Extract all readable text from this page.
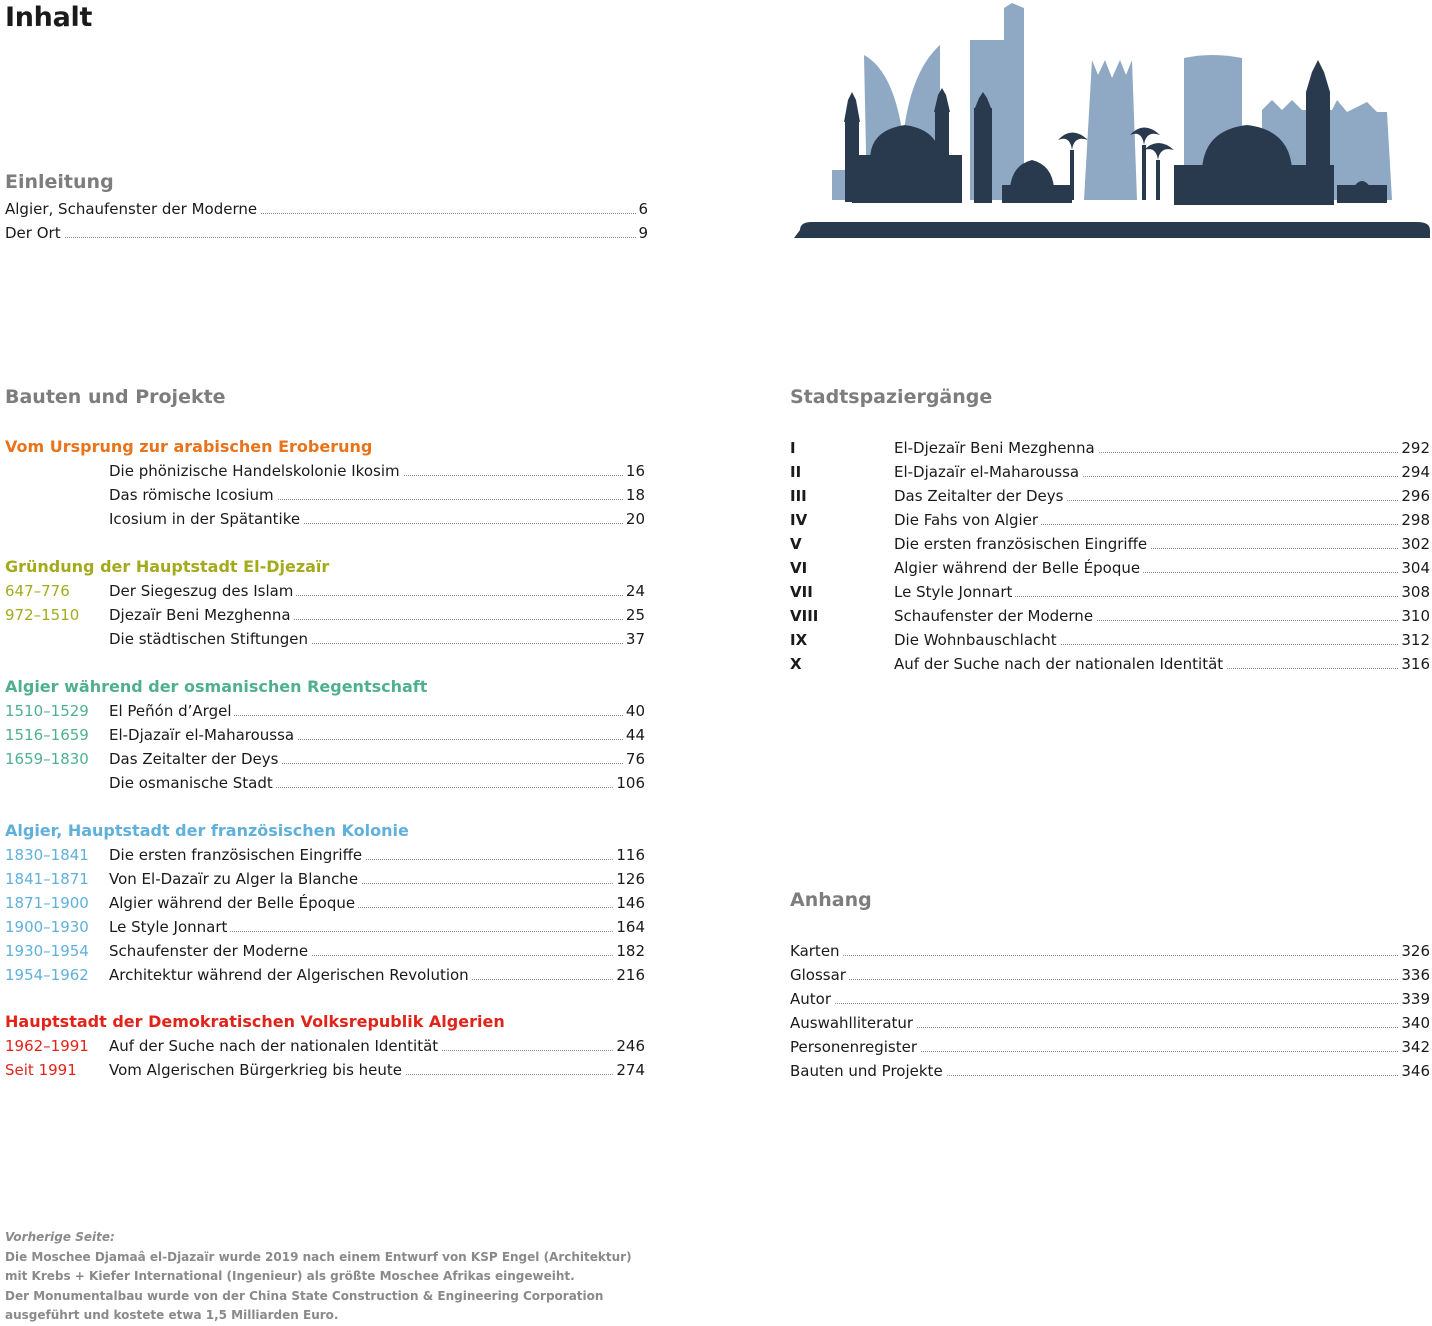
Inhalt
Einleitung
Algier, Schaufenster der Moderne	6
Der Ort	9
Bauten und Projekte
Vom Ursprung zur arabischen Eroberung
Die phönizische Handelskolonie Ikosim	16
Das römische Icosium	18
Icosium in der Spätantike	20
Gründung der Hauptstadt El-Djezaïr
647–776	Der Siegeszug des Islam	24
972–1510 Djezaïr Beni Mezghenna	25
Die städtischen Stiftungen	37
Algier während der osmanischen Regentschaft
1510–1529 El Peñón d’Argel	40
1516–1659 El-Djazaïr el-Maharoussa	44
1659–1830 Das Zeitalter der Deys	76
Die osmanische Stadt	106
Algier, Hauptstadt der französischen Kolonie
1830–1841 Die ersten französischen Eingriffe	116
1841–1871 Von El-Dazaïr zu Alger la Blanche	126
1871–1900 Algier während der Belle Époque	146
1900–1930 Le Style Jonnart	164
1930–1954 Schaufenster der Moderne	182
1954–1962 Architektur während der Algerischen Revolution	216
Hauptstadt der Demokratischen Volksrepublik Algerien
1962–1991 Auf der Suche nach der nationalen Identität	246
Seit 1991 Vom Algerischen Bürgerkrieg bis heute	274
Stadtspaziergänge
I	El-Djezaïr Beni Mezghenna	292
II	El-Djazaïr el-Maharoussa	294
III	Das Zeitalter der Deys	296
IV	Die Fahs von Algier	298
V	Die ersten französischen Eingriffe	302
VI	Algier während der Belle Époque	304
VII	Le Style Jonnart	308
VIII	Schaufenster der Moderne	310
IX	Die Wohnbauschlacht	312
X	Auf der Suche nach der nationalen Identität	316
Anhang
Karten	326
Glossar	336
Autor	339
Auswahlliteratur	340
Personenregister	342
Bauten und Projekte	346
Vorherige Seite:
Die Moschee Djamaâ el-Djazaïr wurde 2019 nach einem Entwurf von KSP Engel (Architektur)
mit Krebs + Kiefer International (Ingenieur) als größte Moschee Afrikas eingeweiht.
Der Monumentalbau wurde von der China State Construction & Engineering Corporation
ausgeführt und kostete etwa 1,5 Milliarden Euro.
